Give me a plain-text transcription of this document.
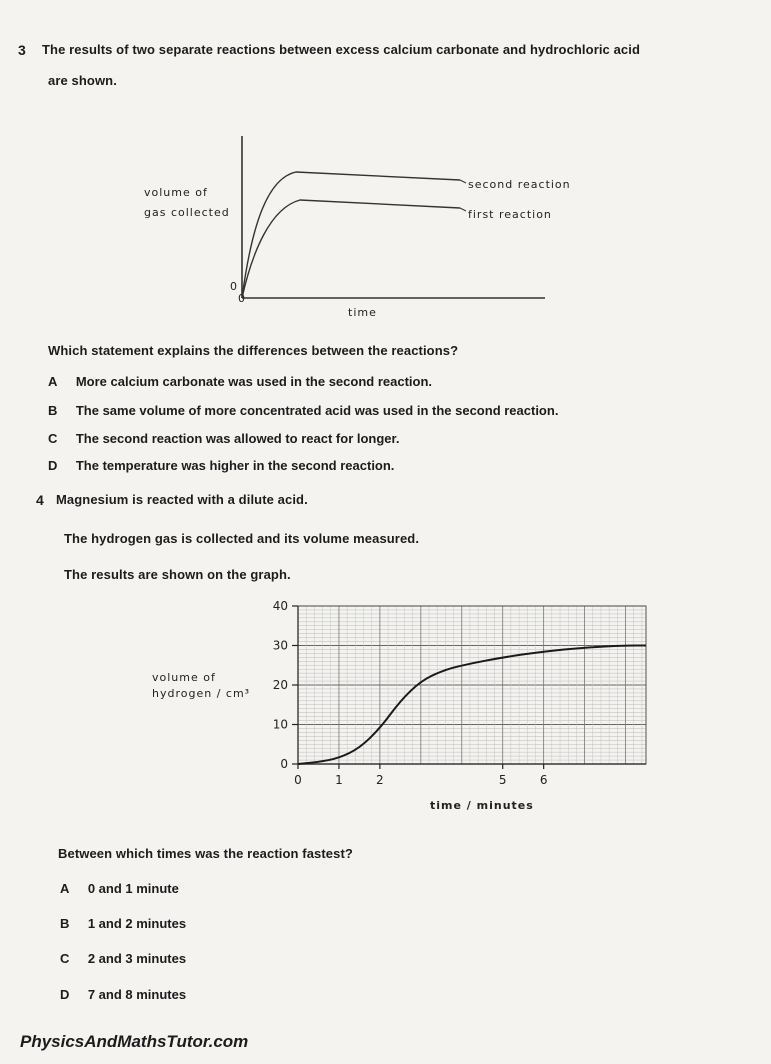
3 The results of two separate reactions between excess calcium carbonate and hydrochloric acid
are shown.
volume of
gas collected
0
0
time
second reaction
first reaction
Which statement explains the differences between the reactions?
A More calcium carbonate was used in the second reaction.
B The same volume of more concentrated acid was used in the second reaction.
C The second reaction was allowed to react for longer.
D The temperature was higher in the second reaction.
4 Magnesium is reacted with a dilute acid.
The hydrogen gas is collected and its volume measured.
The results are shown on the graph.
volume of
hydrogen / cm³
0
10
20
30
40
0	1	2	5	6
time / minutes
Between which times was the reaction fastest?
A 0 and 1 minute
B 1 and 2 minutes
C 2 and 3 minutes
D 7 and 8 minutes
PhysicsAndMathsTutor.com
